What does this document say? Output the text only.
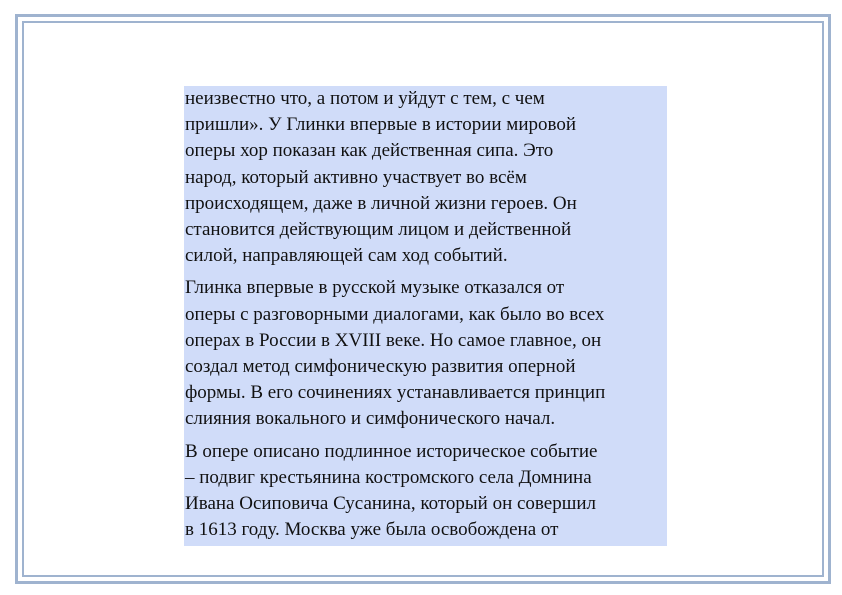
неизвестно что, а потом и уйдут с тем, с чем
пришли». У Глинки впервые в истории мировой
оперы хор показан как действенная сипа. Это
народ, который активно участвует во всём
происходящем, даже в личной жизни героев. Он
становится действующим лицом и действенной
силой, направляющей сам ход событий.

Глинка впервые в русской музыке отказался от
оперы с разговорными диалогами, как было во всех
операх в России в XVIII веке. Но самое главное, он
создал метод симфоническую развития оперной
формы. В его сочинениях устанавливается принцип
слияния вокального и симфонического начал.

В опере описано подлинное историческое событие
– подвиг крестьянина костромского села Домнина
Ивана Осиповича Сусанина, который он совершил
в 1613 году. Москва уже была освобождена от
